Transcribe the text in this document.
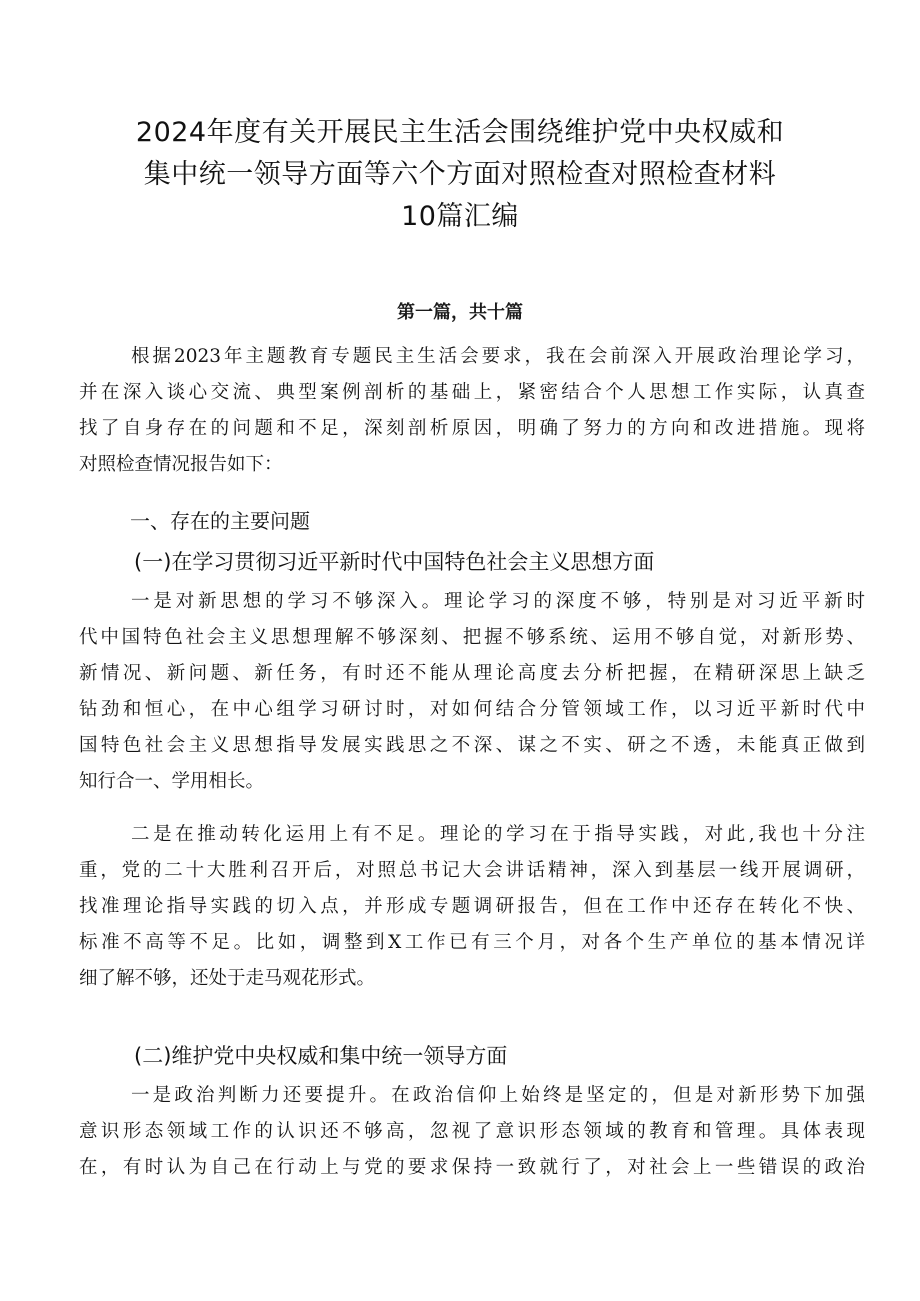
2024年度有关开展民主生活会围绕维护党中央权威和
集中统一领导方面等六个方面对照检查对照检查材料
10篇汇编
第一篇，共十篇
根据2023年主题教育专题民主生活会要求，我在会前深入开展政治理论学习，
并在深入谈心交流、典型案例剖析的基础上，紧密结合个人思想工作实际，认真查
找了自身存在的问题和不足，深刻剖析原因，明确了努力的方向和改进措施。现将
对照检查情况报告如下：
一、存在的主要问题
(一)在学习贯彻习近平新时代中国特色社会主义思想方面
一是对新思想的学习不够深入。理论学习的深度不够，特别是对习近平新时
代中国特色社会主义思想理解不够深刻、把握不够系统、运用不够自觉，对新形势、
新情况、新问题、新任务，有时还不能从理论高度去分析把握，在精研深思上缺乏
钻劲和恒心，在中心组学习研讨时，对如何结合分管领域工作，以习近平新时代中
国特色社会主义思想指导发展实践思之不深、谋之不实、研之不透，未能真正做到
知行合一、学用相长。
二是在推动转化运用上有不足。理论的学习在于指导实践，对此,我也十分注
重，党的二十大胜利召开后，对照总书记大会讲话精神，深入到基层一线开展调研，
找准理论指导实践的切入点，并形成专题调研报告，但在工作中还存在转化不快、
标准不高等不足。比如，调整到X工作已有三个月，对各个生产单位的基本情况详
细了解不够，还处于走马观花形式。
(二)维护党中央权威和集中统一领导方面
一是政治判断力还要提升。在政治信仰上始终是坚定的，但是对新形势下加强
意识形态领域工作的认识还不够高，忽视了意识形态领域的教育和管理。具体表现
在，有时认为自己在行动上与党的要求保持一致就行了，对社会上一些错误的政治
